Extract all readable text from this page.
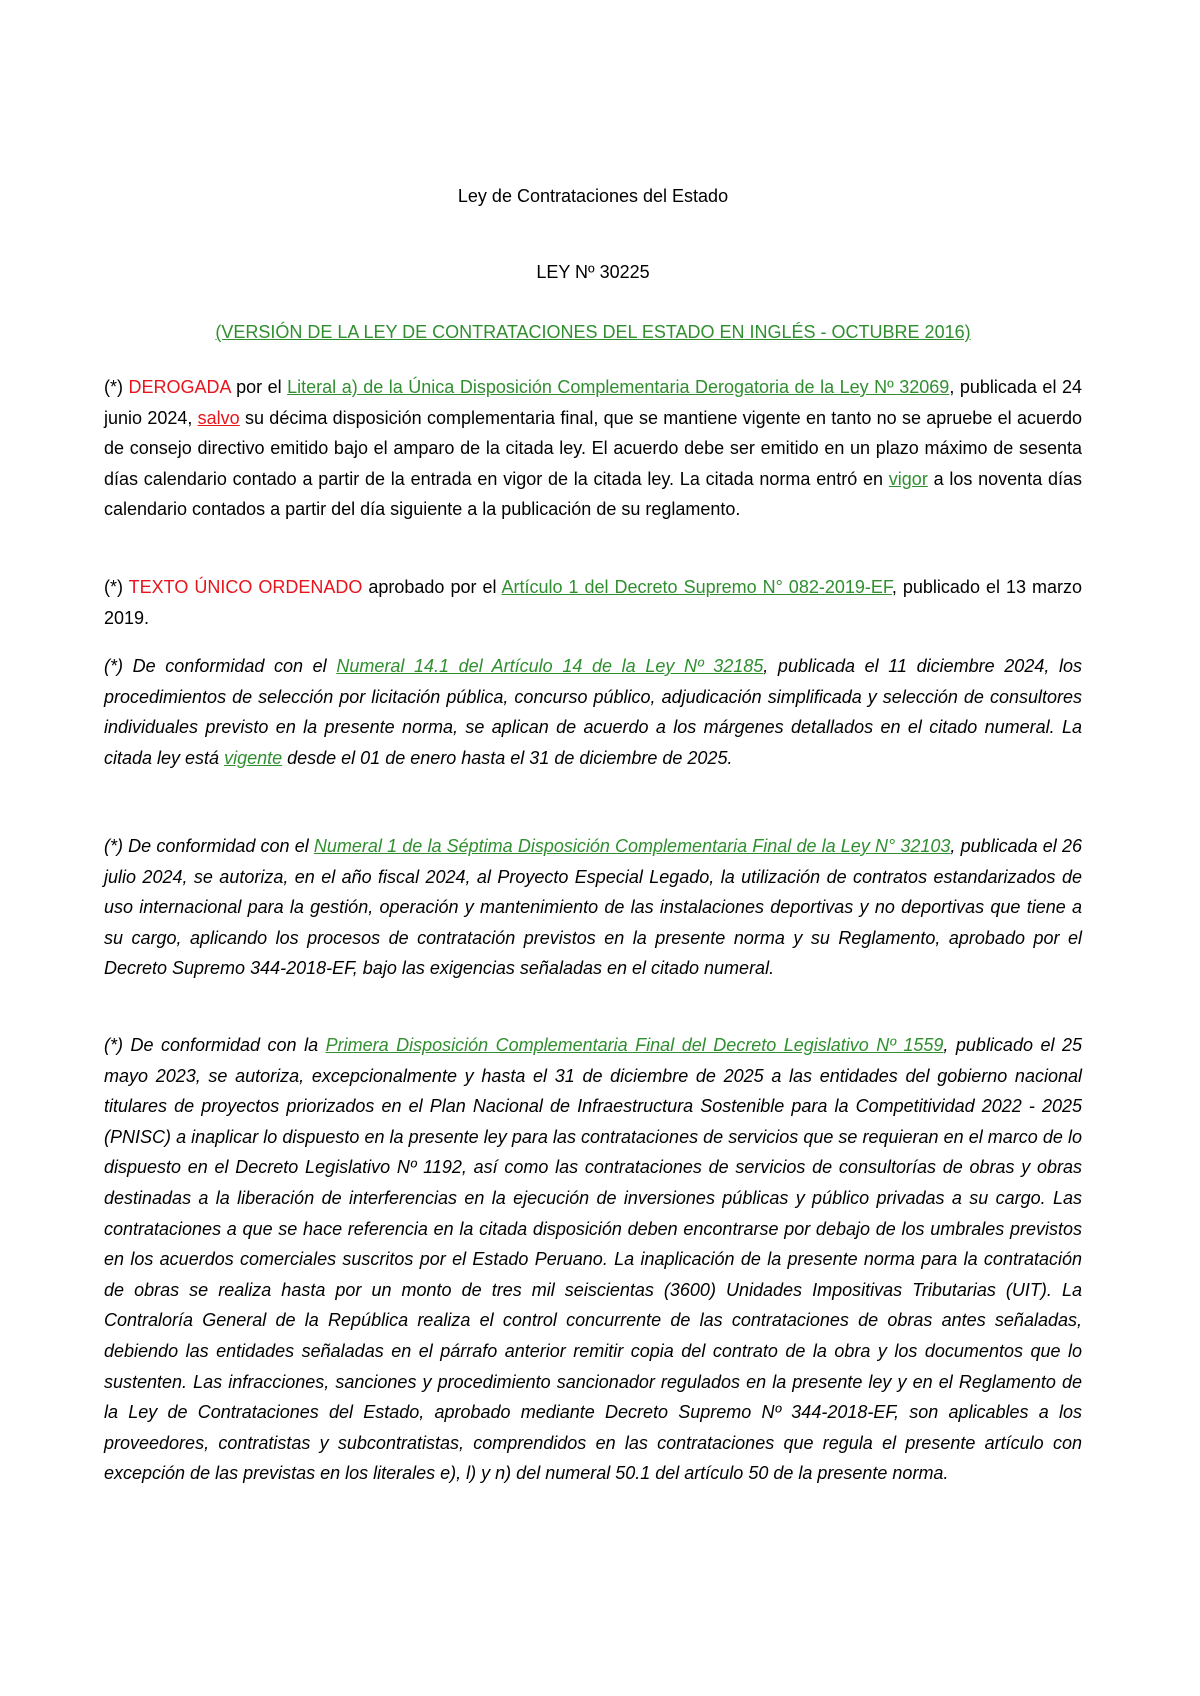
Ley de Contrataciones del Estado
LEY Nº 30225
(VERSIÓN DE LA LEY DE CONTRATACIONES DEL ESTADO EN INGLÉS - OCTUBRE 2016)

(*) DEROGADA por el Literal a) de la Única Disposición Complementaria Derogatoria de la Ley Nº 32069, publicada el 24 junio 2024, salvo su décima disposición complementaria final, que se mantiene vigente en tanto no se apruebe el acuerdo de consejo directivo emitido bajo el amparo de la citada ley. El acuerdo debe ser emitido en un plazo máximo de sesenta días calendario contado a partir de la entrada en vigor de la citada ley. La citada norma entró en vigor a los noventa días calendario contados a partir del día siguiente a la publicación de su reglamento.

(*) TEXTO ÚNICO ORDENADO aprobado por el Artículo 1 del Decreto Supremo N° 082-2019-EF, publicado el 13 marzo 2019.

(*) De conformidad con el Numeral 14.1 del Artículo 14 de la Ley Nº 32185, publicada el 11 diciembre 2024, los procedimientos de selección por licitación pública, concurso público, adjudicación simplificada y selección de consultores individuales previsto en la presente norma, se aplican de acuerdo a los márgenes detallados en el citado numeral. La citada ley está vigente desde el 01 de enero hasta el 31 de diciembre de 2025.

(*) De conformidad con el Numeral 1 de la Séptima Disposición Complementaria Final de la Ley N° 32103, publicada el 26 julio 2024, se autoriza, en el año fiscal 2024, al Proyecto Especial Legado, la utilización de contratos estandarizados de uso internacional para la gestión, operación y mantenimiento de las instalaciones deportivas y no deportivas que tiene a su cargo, aplicando los procesos de contratación previstos en la presente norma y su Reglamento, aprobado por el Decreto Supremo 344-2018-EF, bajo las exigencias señaladas en el citado numeral.

(*) De conformidad con la Primera Disposición Complementaria Final del Decreto Legislativo Nº 1559, publicado el 25 mayo 2023, se autoriza, excepcionalmente y hasta el 31 de diciembre de 2025 a las entidades del gobierno nacional titulares de proyectos priorizados en el Plan Nacional de Infraestructura Sostenible para la Competitividad 2022 - 2025 (PNISC) a inaplicar lo dispuesto en la presente ley para las contrataciones de servicios que se requieran en el marco de lo dispuesto en el Decreto Legislativo Nº 1192, así como las contrataciones de servicios de consultorías de obras y obras destinadas a la liberación de interferencias en la ejecución de inversiones públicas y público privadas a su cargo. Las contrataciones a que se hace referencia en la citada disposición deben encontrarse por debajo de los umbrales previstos en los acuerdos comerciales suscritos por el Estado Peruano. La inaplicación de la presente norma para la contratación de obras se realiza hasta por un monto de tres mil seiscientas (3600) Unidades Impositivas Tributarias (UIT). La Contraloría General de la República realiza el control concurrente de las contrataciones de obras antes señaladas, debiendo las entidades señaladas en el párrafo anterior remitir copia del contrato de la obra y los documentos que lo sustenten. Las infracciones, sanciones y procedimiento sancionador regulados en la presente ley y en el Reglamento de la Ley de Contrataciones del Estado, aprobado mediante Decreto Supremo Nº 344-2018-EF, son aplicables a los proveedores, contratistas y subcontratistas, comprendidos en las contrataciones que regula el presente artículo con excepción de las previstas en los literales e), l) y n) del numeral 50.1 del artículo 50 de la presente norma.
